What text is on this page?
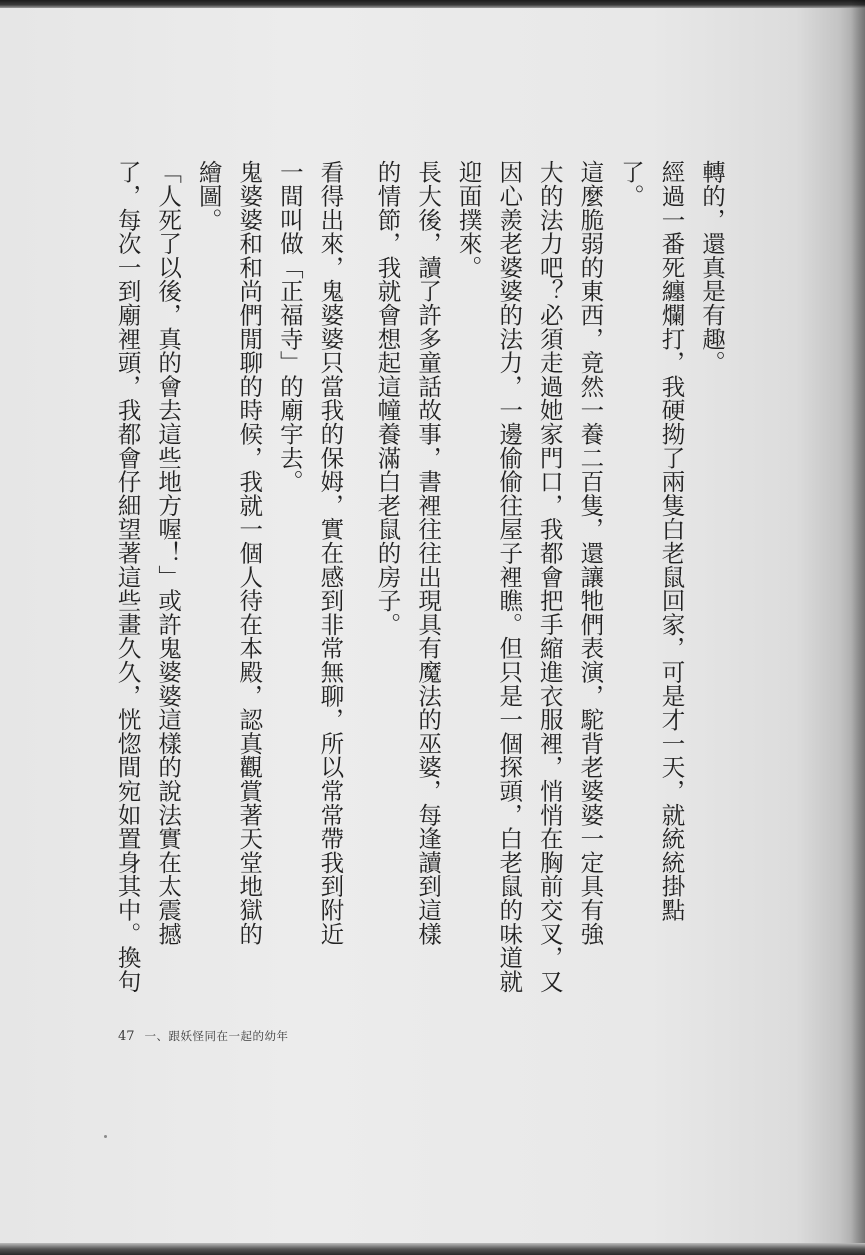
轉的，還真是有趣。
經過一番死纏爛打，我硬拗了兩隻白老鼠回家，可是才一天，就統統掛點
了。
這麼脆弱的東西，竟然一養二百隻，還讓牠們表演，駝背老婆婆一定具有強
大的法力吧？必須走過她家門口，我都會把手縮進衣服裡，悄悄在胸前交叉，又
因心羨老婆婆的法力，一邊偷偷往屋子裡瞧。但只是一個探頭，白老鼠的味道就
迎面撲來。
長大後，讀了許多童話故事，書裡往往出現具有魔法的巫婆，每逢讀到這樣
的情節，我就會想起這幢養滿白老鼠的房子。
看得出來，鬼婆婆只當我的保姆，實在感到非常無聊，所以常常帶我到附近
一間叫做「正福寺」的廟宇去。
鬼婆婆和和尚們閒聊的時候，我就一個人待在本殿，認真觀賞著天堂地獄的
繪圖。
「人死了以後，真的會去這些地方喔！」或許鬼婆婆這樣的說法實在太震撼
了，每次一到廟裡頭，我都會仔細望著這些畫久久，恍惚間宛如置身其中。換句
47 一、跟妖怪同在一起的幼年
